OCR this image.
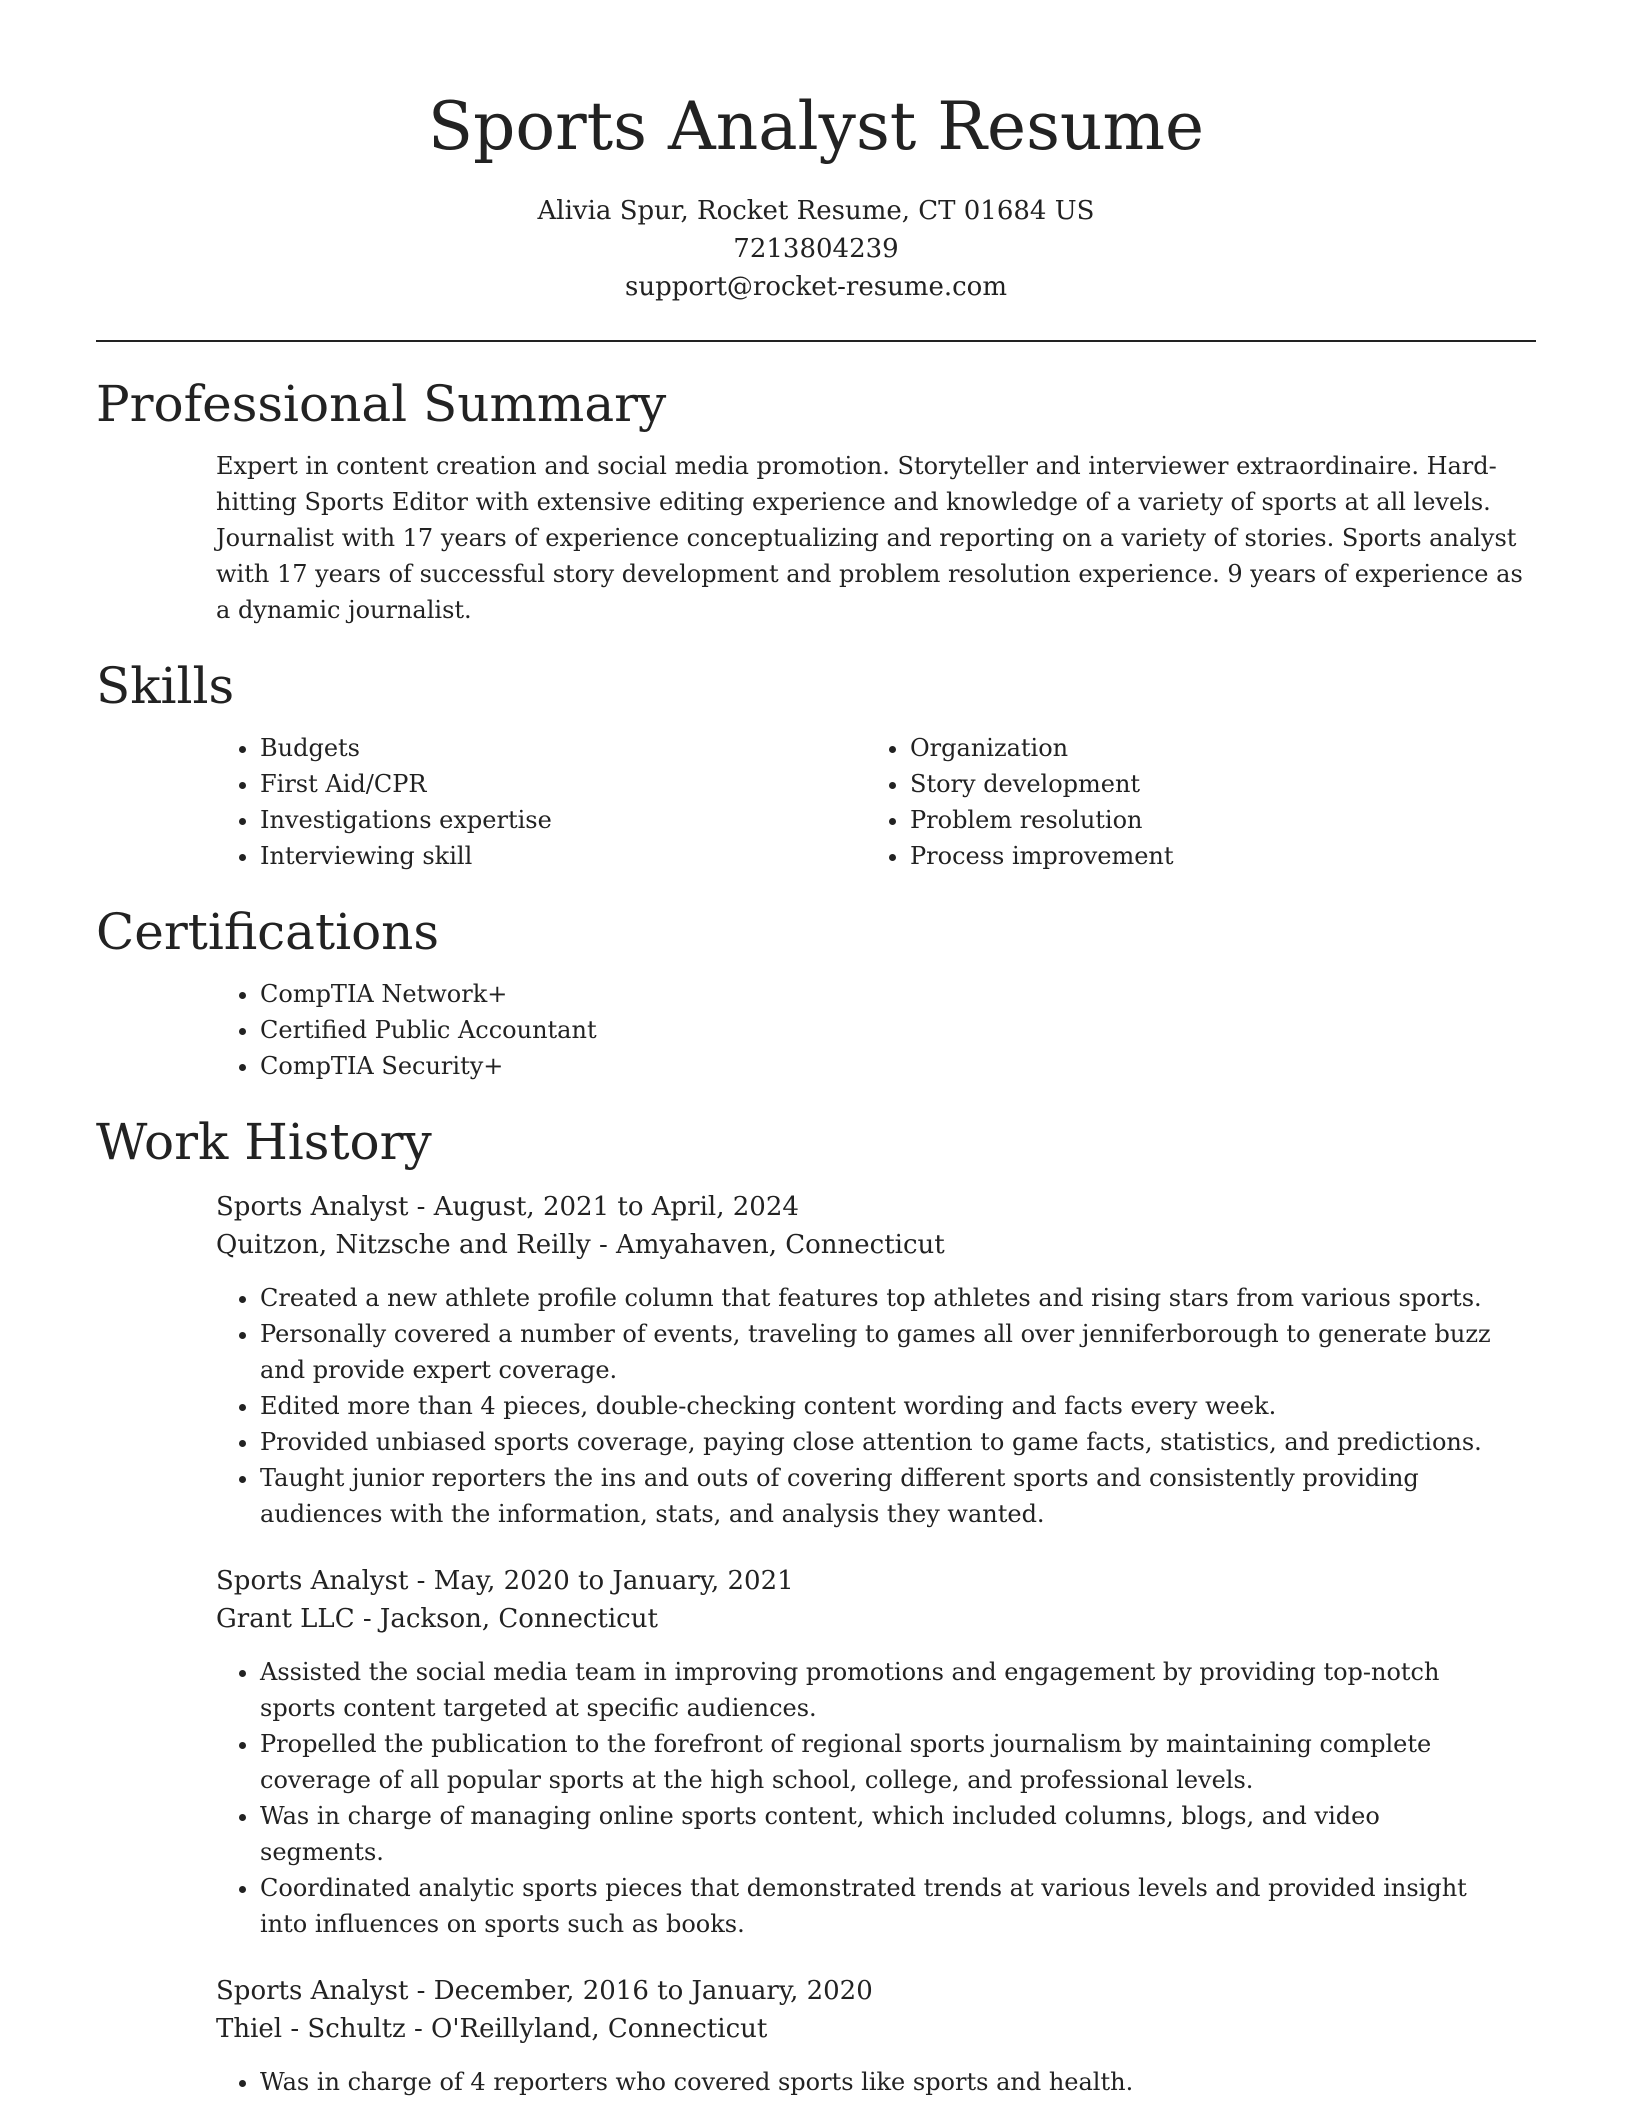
Sports Analyst Resume
Alivia Spur, Rocket Resume, CT 01684 US
7213804239
support@rocket-resume.com
Professional Summary

Expert in content creation and social media promotion. Storyteller and interviewer extraordinaire. Hard-hitting Sports Editor with extensive editing experience and knowledge of a variety of sports at all levels. Journalist with 17 years of experience conceptualizing and reporting on a variety of stories. Sports analyst with 17 years of successful story development and problem resolution experience. 9 years of experience as a dynamic journalist.

Skills
• Budgets
• First Aid/CPR
• Investigations expertise
• Interviewing skill
• Organization
• Story development
• Problem resolution
• Process improvement
Certifications
• CompTIA Network+
• Certified Public Accountant
• CompTIA Security+
Work History

Sports Analyst - August, 2021 to April, 2024

Quitzon, Nitzsche and Reilly - Amyahaven, Connecticut

• Created a new athlete profile column that features top athletes and rising stars from various sports.
• Personally covered a number of events, traveling to games all over jenniferborough to generate buzz and provide expert coverage.
• Edited more than 4 pieces, double-checking content wording and facts every week.
• Provided unbiased sports coverage, paying close attention to game facts, statistics, and predictions.
• Taught junior reporters the ins and outs of covering different sports and consistently providing audiences with the information, stats, and analysis they wanted.

Sports Analyst - May, 2020 to January, 2021

Grant LLC - Jackson, Connecticut

• Assisted the social media team in improving promotions and engagement by providing top-notch sports content targeted at specific audiences.
• Propelled the publication to the forefront of regional sports journalism by maintaining complete coverage of all popular sports at the high school, college, and professional levels.
• Was in charge of managing online sports content, which included columns, blogs, and video segments.
• Coordinated analytic sports pieces that demonstrated trends at various levels and provided insight into influences on sports such as books.

Sports Analyst - December, 2016 to January, 2020

Thiel - Schultz - O'Reillyland, Connecticut

• Was in charge of 4 reporters who covered sports like sports and health.
